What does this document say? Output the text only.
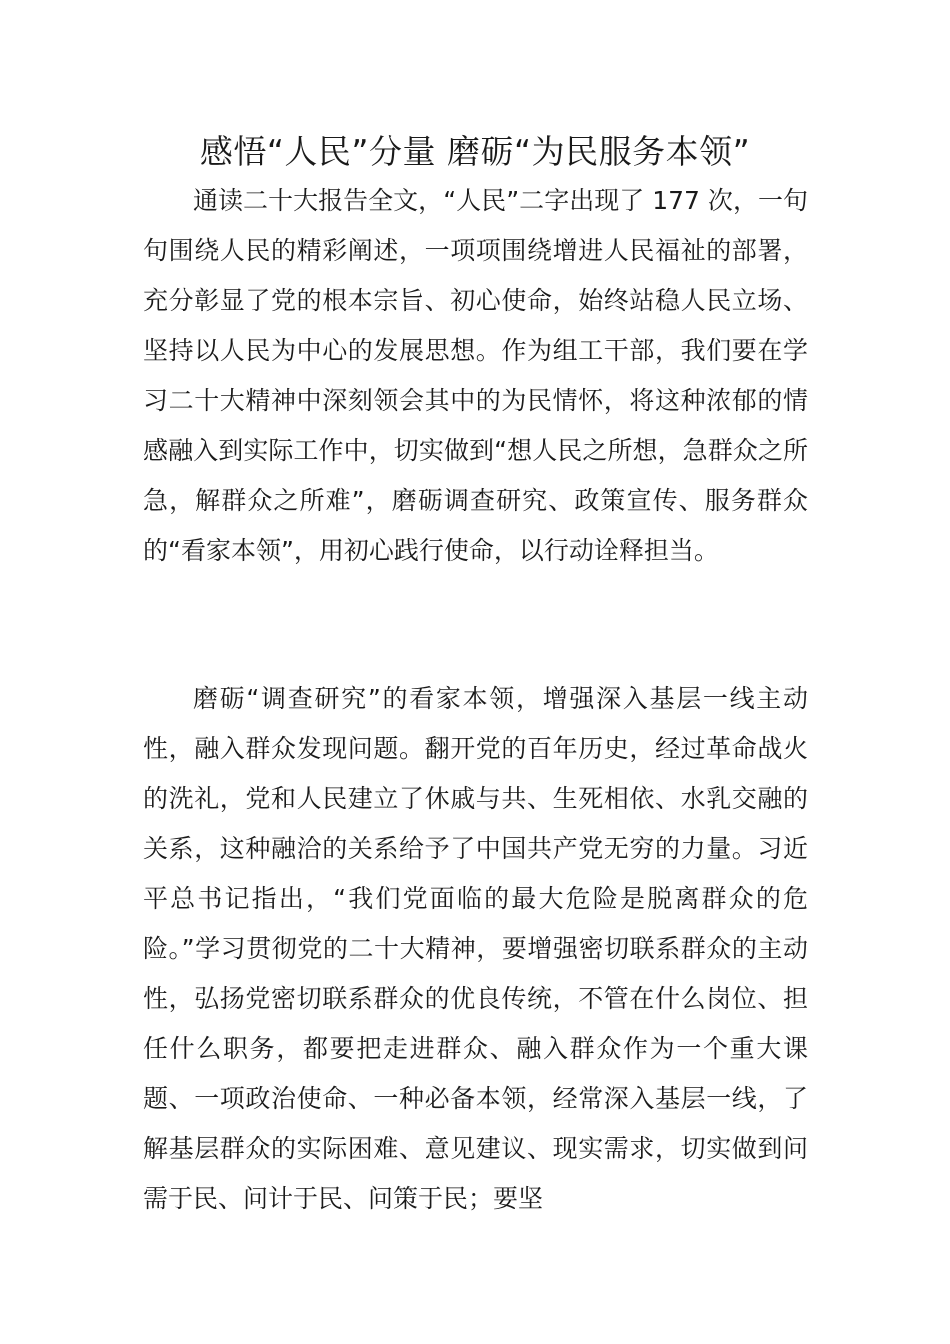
感悟“人民”分量 磨砺“为民服务本领”

通读二十大报告全文，“人民”二字出现了 177 次，一句句围绕人民的精彩阐述，一项项围绕增进人民福祉的部署，充分彰显了党的根本宗旨、初心使命，始终站稳人民立场、坚持以人民为中心的发展思想。作为组工干部，我们要在学习二十大精神中深刻领会其中的为民情怀，将这种浓郁的情感融入到实际工作中，切实做到“想人民之所想，急群众之所急，解群众之所难”，磨砺调查研究、政策宣传、服务群众的“看家本领”，用初心践行使命，以行动诠释担当。

磨砺“调查研究”的看家本领，增强深入基层一线主动性，融入群众发现问题。翻开党的百年历史，经过革命战火的洗礼，党和人民建立了休戚与共、生死相依、水乳交融的关系，这种融洽的关系给予了中国共产党无穷的力量。习近平总书记指出，“我们党面临的最大危险是脱离群众的危险。”学习贯彻党的二十大精神，要增强密切联系群众的主动性，弘扬党密切联系群众的优良传统，不管在什么岗位、担任什么职务，都要把走进群众、融入群众作为一个重大课题、一项政治使命、一种必备本领，经常深入基层一线，了解基层群众的实际困难、意见建议、现实需求，切实做到问需于民、问计于民、问策于民；要坚
